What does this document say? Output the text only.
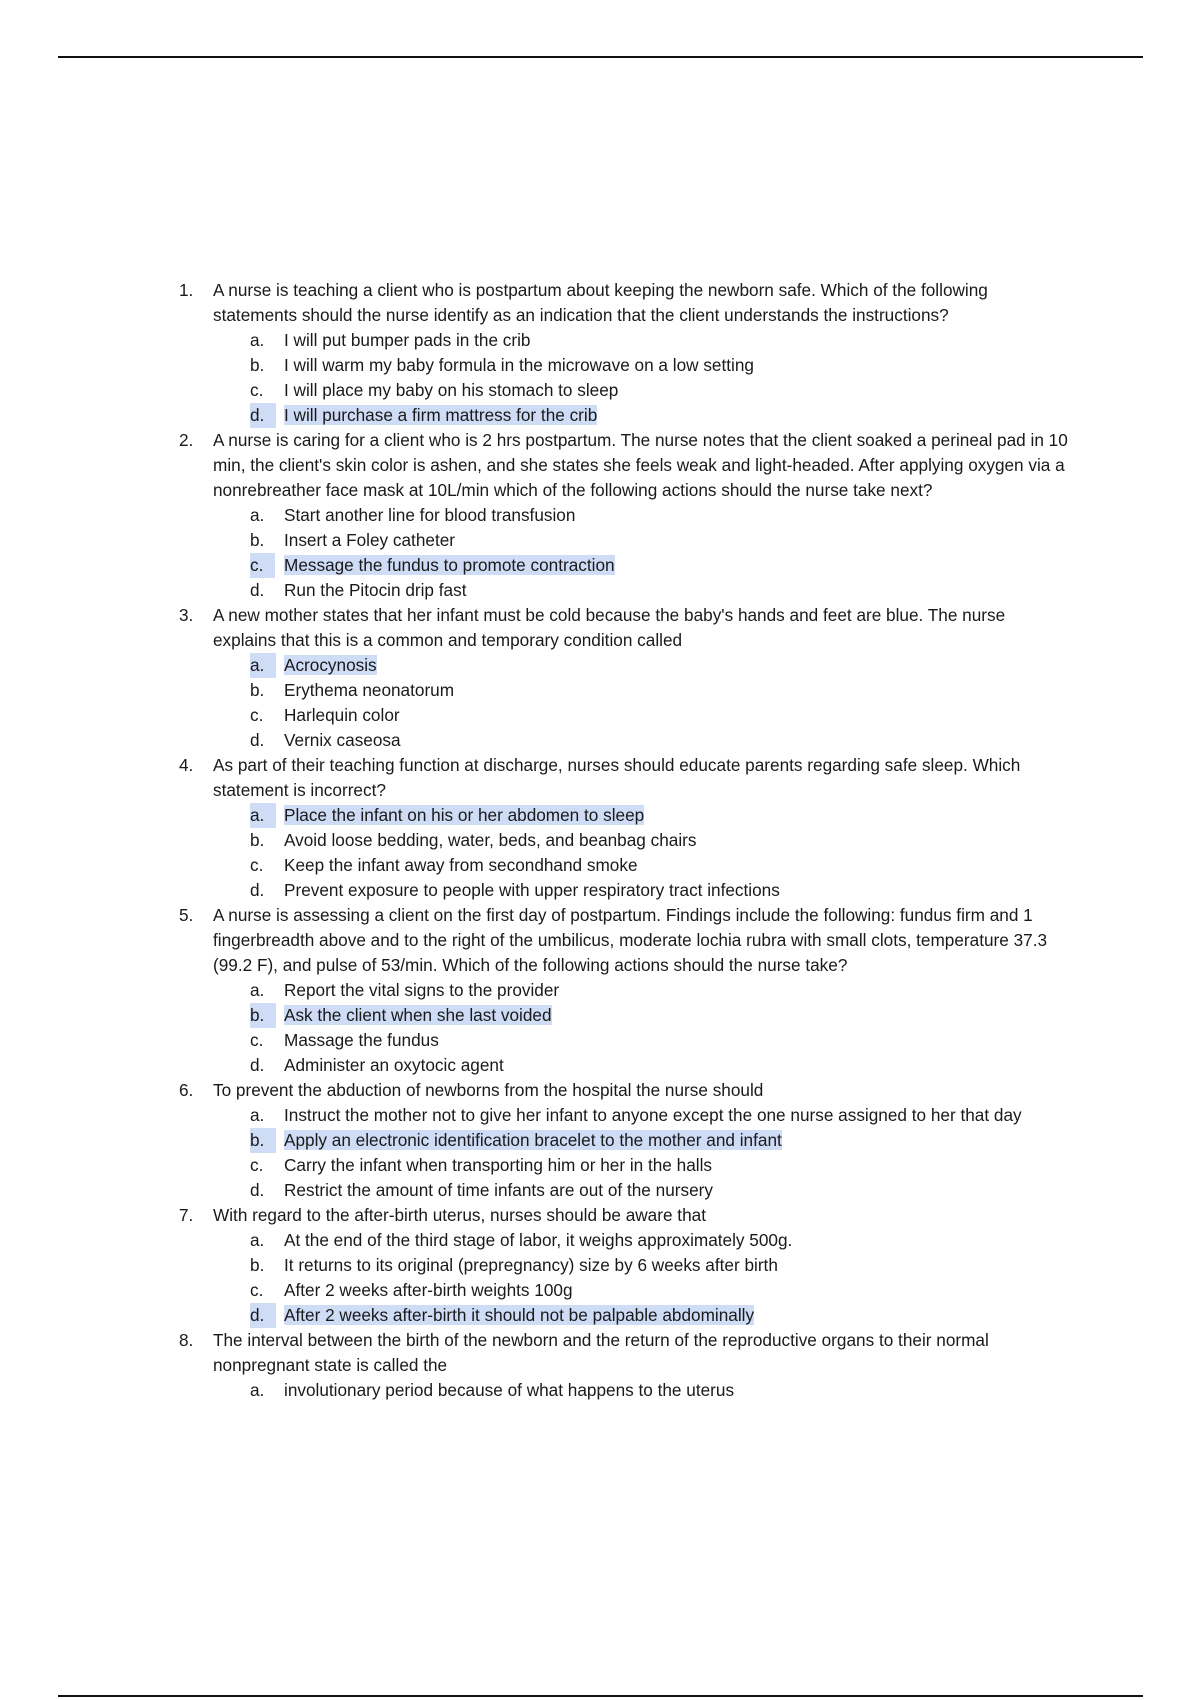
1.	A nurse is teaching a client who is postpartum about keeping the newborn safe. Which of the following statements should the nurse identify as an indication that the client understands the instructions?
a. I will put bumper pads in the crib
b. I will warm my baby formula in the microwave on a low setting
c. I will place my baby on his stomach to sleep
d.	I will purchase a firm mattress for the crib
2.	A nurse is caring for a client who is 2 hrs postpartum. The nurse notes that the client soaked a perineal pad in 10 min, the client's skin color is ashen, and she states she feels weak and light-headed. After applying oxygen via a nonrebreather face mask at 10L/min which of the following actions should the nurse take next?
a. Start another line for blood transfusion
b. Insert a Foley catheter
c.	Message the fundus to promote contraction
d. Run the Pitocin drip fast
3.	A new mother states that her infant must be cold because the baby's hands and feet are blue. The nurse explains that this is a common and temporary condition called
a.	Acrocynosis
b. Erythema neonatorum
c. Harlequin color
d. Vernix caseosa
4.	As part of their teaching function at discharge, nurses should educate parents regarding safe sleep. Which statement is incorrect?
a.	Place the infant on his or her abdomen to sleep
b. Avoid loose bedding, water, beds, and beanbag chairs
c. Keep the infant away from secondhand smoke
d. Prevent exposure to people with upper respiratory tract infections
5.	A nurse is assessing a client on the first day of postpartum. Findings include the following: fundus firm and 1 fingerbreadth above and to the right of the umbilicus, moderate lochia rubra with small clots, temperature 37.3 (99.2 F), and pulse of 53/min. Which of the following actions should the nurse take?
a. Report the vital signs to the provider
b.	Ask the client when she last voided
c. Massage the fundus
d. Administer an oxytocic agent
6.	To prevent the abduction of newborns from the hospital the nurse should
a. Instruct the mother not to give her infant to anyone except the one nurse assigned to her that day
b.	Apply an electronic identification bracelet to the mother and infant
c. Carry the infant when transporting him or her in the halls
d. Restrict the amount of time infants are out of the nursery
7.	With regard to the after-birth uterus, nurses should be aware that
a. At the end of the third stage of labor, it weighs approximately 500g.
b. It returns to its original (prepregnancy) size by 6 weeks after birth
c. After 2 weeks after-birth weights 100g
d.	After 2 weeks after-birth it should not be palpable abdominally
8.	The interval between the birth of the newborn and the return of the reproductive organs to their normal nonpregnant state is called the
a. involutionary period because of what happens to the uterus
